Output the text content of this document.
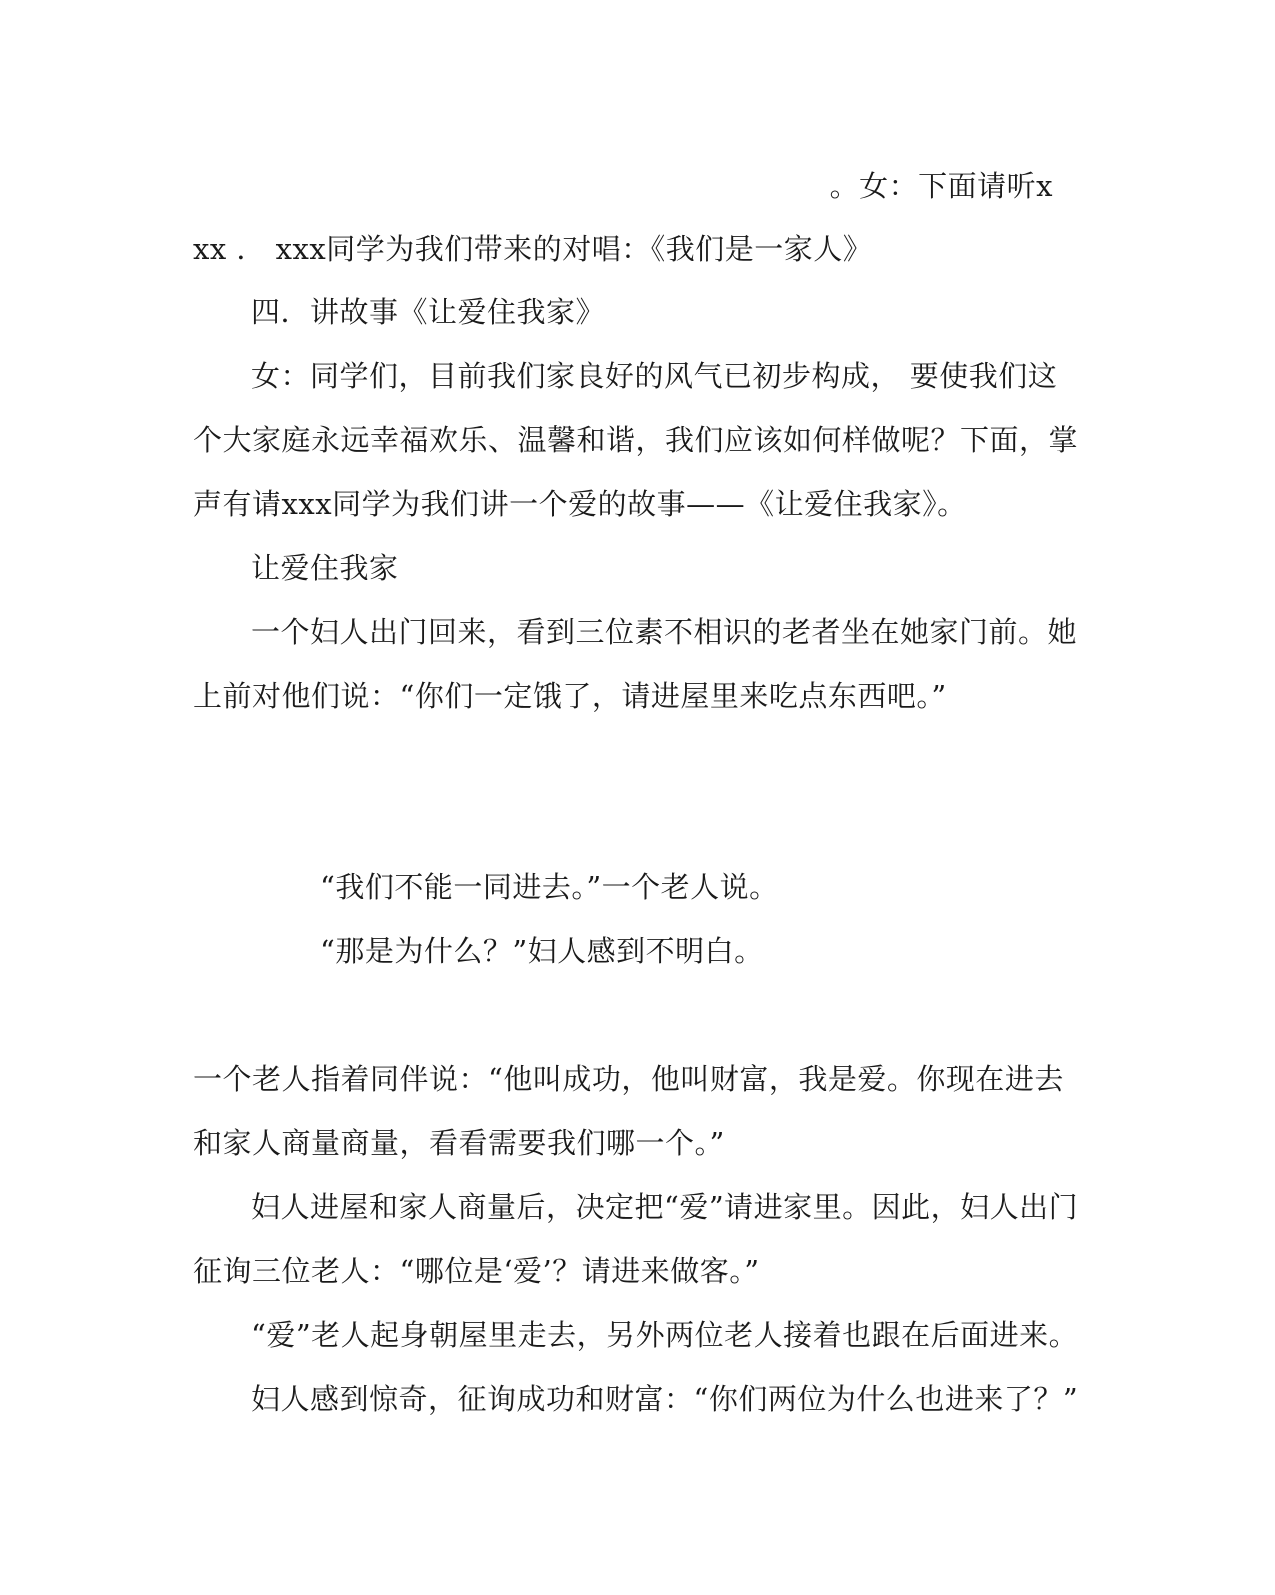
。女：下面请听x
xx ． xxx同学为我们带来的对唱：《我们是一家人》
四．讲故事《让爱住我家》
女：同学们，目前我们家良好的风气已初步构成， 要使我们这
个大家庭永远幸福欢乐、温馨和谐，我们应该如何样做呢？下面，掌
声有请xxx同学为我们讲一个爱的故事——《让爱住我家》。
让爱住我家
一个妇人出门回来，看到三位素不相识的老者坐在她家门前。她
上前对他们说：“你们一定饿了，请进屋里来吃点东西吧。”
“我们不能一同进去。”一个老人说。
“那是为什么？”妇人感到不明白。
一个老人指着同伴说：“他叫成功，他叫财富，我是爱。你现在进去
和家人商量商量，看看需要我们哪一个。”
妇人进屋和家人商量后，决定把“爱”请进家里。因此，妇人出门
征询三位老人：“哪位是‘爱’？请进来做客。”
“爱”老人起身朝屋里走去，另外两位老人接着也跟在后面进来。
妇人感到惊奇，征询成功和财富：“你们两位为什么也进来了？”
